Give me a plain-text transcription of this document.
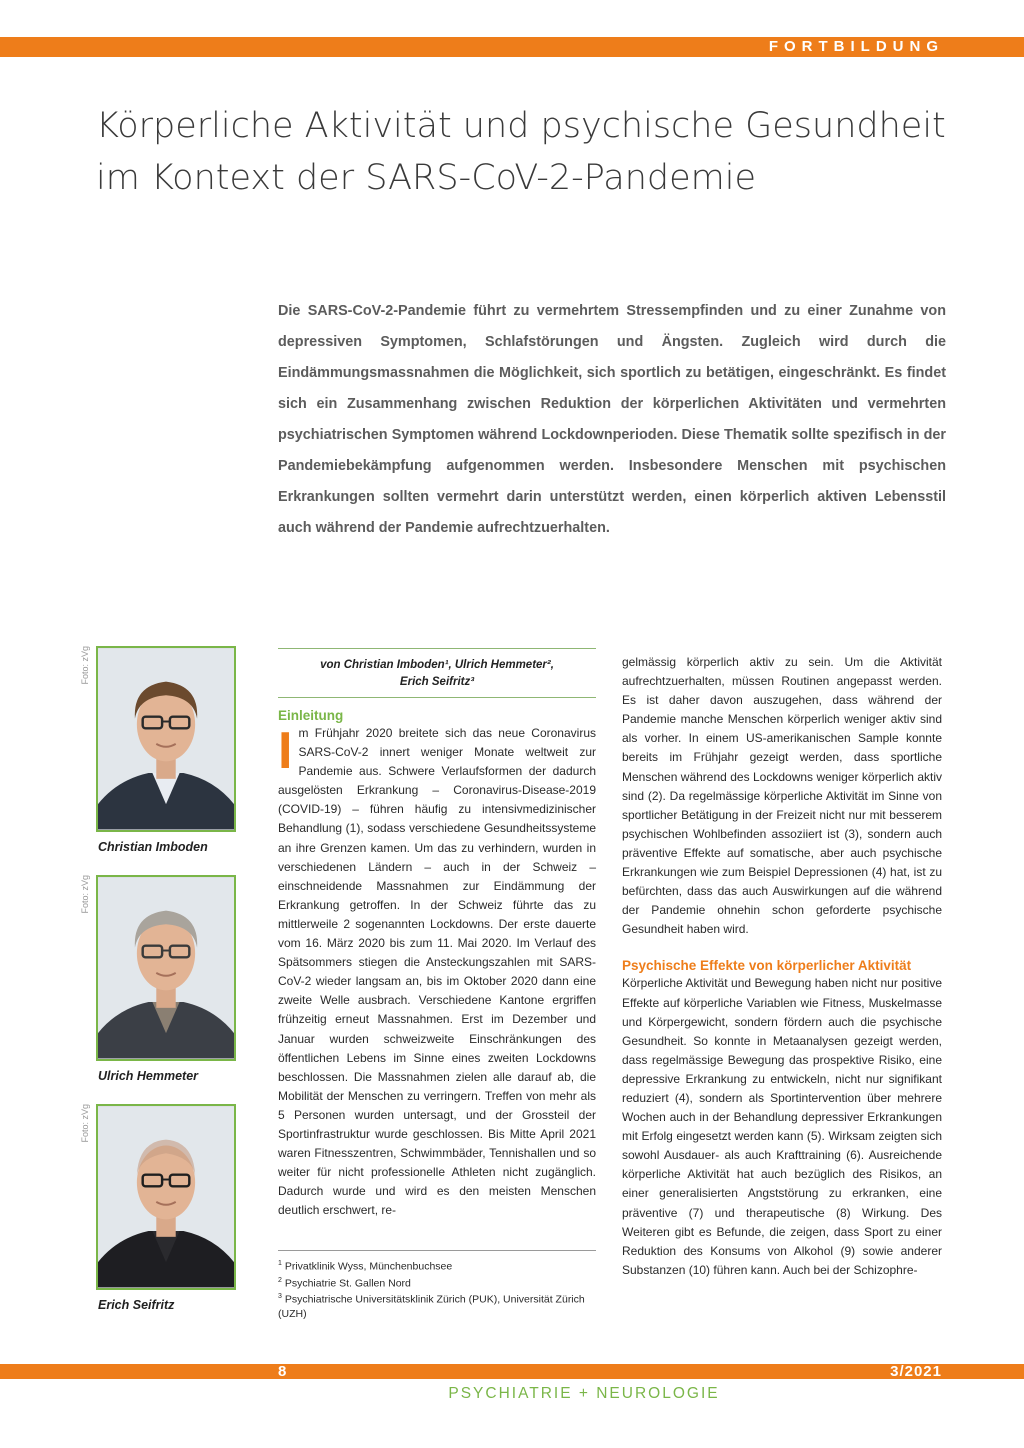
FORTBILDUNG
Körperliche Aktivität und psychische Gesundheit im Kontext der SARS-CoV-2-Pandemie

Die SARS-CoV-2-Pandemie führt zu vermehrtem Stressempfinden und zu einer Zunahme von depressiven Symptomen, Schlafstörungen und Ängsten. Zugleich wird durch die Eindämmungsmassnahmen die Möglichkeit, sich sportlich zu betätigen, eingeschränkt. Es findet sich ein Zusammenhang zwischen Reduktion der körperlichen Aktivitäten und vermehrten psychiatrischen Symptomen während Lockdownperioden. Diese Thematik sollte spezifisch in der Pandemiebekämpfung aufgenommen werden. Insbesondere Menschen mit psychischen Erkrankungen sollten vermehrt darin unterstützt werden, einen körperlich aktiven Lebensstil auch während der Pandemie aufrechtzuerhalten.

Foto: zVg
Christian Imboden
Foto: zVg
Ulrich Hemmeter
Foto: zVg
Erich Seifritz
von Christian Imboden¹, Ulrich Hemmeter²,
Erich Seifritz³
Einleitung

Im Frühjahr 2020 breitete sich das neue Coronavirus SARS-CoV-2 innert weniger Monate weltweit zur Pandemie aus. Schwere Verlaufsformen der dadurch ausgelösten Erkrankung – Coronavirus-Disease-2019 (COVID-19) – führen häufig zu intensivmedizinischer Behandlung (1), sodass verschiedene Gesundheitssysteme an ihre Grenzen kamen. Um das zu verhindern, wurden in verschiedenen Ländern – auch in der Schweiz – einschneidende Massnahmen zur Eindämmung der Erkrankung getroffen. In der Schweiz führte das zu mittlerweile 2 sogenannten Lockdowns. Der erste dauerte vom 16. März 2020 bis zum 11. Mai 2020. Im Verlauf des Spätsommers stiegen die Ansteckungszahlen mit SARS-CoV-2 wieder langsam an, bis im Oktober 2020 dann eine zweite Welle ausbrach. Verschiedene Kantone ergriffen frühzeitig erneut Massnahmen. Erst im Dezember und Januar wurden schweizweite Einschränkungen des öffentlichen Lebens im Sinne eines zweiten Lockdowns beschlossen. Die Massnahmen zielen alle darauf ab, die Mobilität der Menschen zu verringern. Treffen von mehr als 5 Personen wurden untersagt, und der Grossteil der Sportinfrastruktur wurde geschlossen. Bis Mitte April 2021 waren Fitnesszentren, Schwimmbäder, Tennishallen und so weiter für nicht professionelle Athleten nicht zugänglich. Dadurch wurde und wird es den meisten Menschen deutlich erschwert, re-

$^1$ Privatklinik Wyss, Münchenbuchsee
$^2$ Psychiatrie St. Gallen Nord
$^3$ Psychiatrische Universitätsklinik Zürich (PUK), Universität Zürich (UZH)

gelmässig körperlich aktiv zu sein. Um die Aktivität aufrechtzuerhalten, müssen Routinen angepasst werden. Es ist daher davon auszugehen, dass während der Pandemie manche Menschen körperlich weniger aktiv sind als vorher. In einem US-amerikanischen Sample konnte bereits im Frühjahr gezeigt werden, dass sportliche Menschen während des Lockdowns weniger körperlich aktiv sind (2). Da regelmässige körperliche Aktivität im Sinne von sportlicher Betätigung in der Freizeit nicht nur mit besserem psychischen Wohlbefinden assoziiert ist (3), sondern auch präventive Effekte auf somatische, aber auch psychische Erkrankungen wie zum Beispiel Depressionen (4) hat, ist zu befürchten, dass das auch Auswirkungen auf die während der Pandemie ohnehin schon geforderte psychische Gesundheit haben wird.

Psychische Effekte von körperlicher Aktivität

Körperliche Aktivität und Bewegung haben nicht nur positive Effekte auf körperliche Variablen wie Fitness, Muskelmasse und Körpergewicht, sondern fördern auch die psychische Gesundheit. So konnte in Metaanalysen gezeigt werden, dass regelmässige Bewegung das prospektive Risiko, eine depressive Erkrankung zu entwickeln, nicht nur signifikant reduziert (4), sondern als Sportintervention über mehrere Wochen auch in der Behandlung depressiver Erkrankungen mit Erfolg eingesetzt werden kann (5). Wirksam zeigten sich sowohl Ausdauer- als auch Krafttraining (6). Ausreichende körperliche Aktivität hat auch bezüglich des Risikos, an einer generalisierten Angststörung zu erkranken, eine präventive (7) und therapeutische (8) Wirkung. Des Weiteren gibt es Befunde, die zeigen, dass Sport zu einer Reduktion des Konsums von Alkohol (9) sowie anderer Substanzen (10) führen kann. Auch bei der Schizophre-

8	3/2021
PSYCHIATRIE + NEUROLOGIE
